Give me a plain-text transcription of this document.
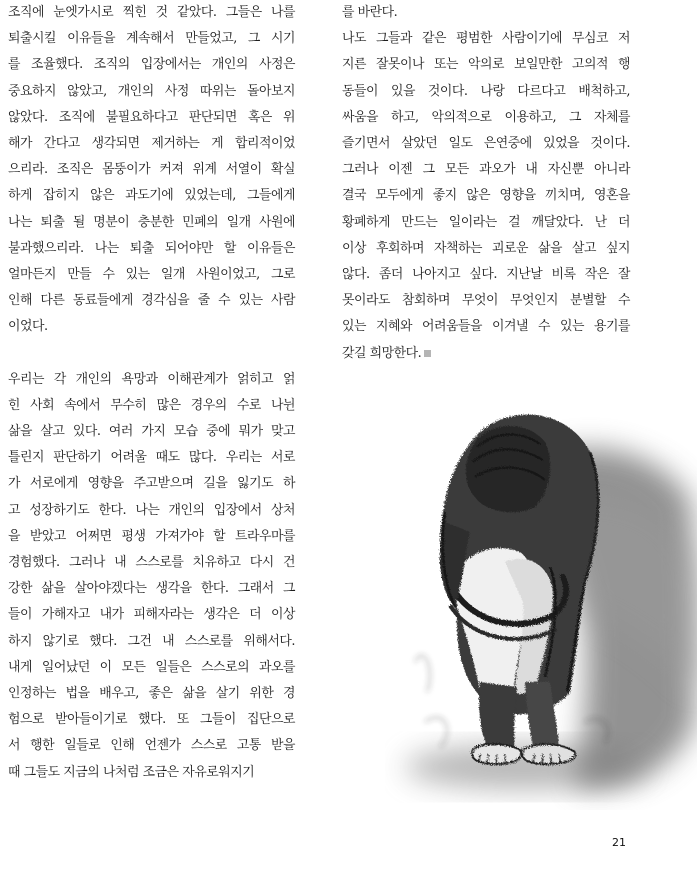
조직에 눈엣가시로 찍힌 것 같았다. 그들은 나를

퇴출시킬 이유들을 계속해서 만들었고, 그 시기

를 조율했다. 조직의 입장에서는 개인의 사정은

중요하지 않았고, 개인의 사정 따위는 돌아보지

않았다. 조직에 불필요하다고 판단되면 혹은 위

해가 간다고 생각되면 제거하는 게 합리적이었

으리라. 조직은 몸뚱이가 커져 위계 서열이 확실

하게 잡히지 않은 과도기에 있었는데, 그들에게

나는 퇴출 될 명분이 충분한 민폐의 일개 사원에

불과했으리라. 나는 퇴출 되어야만 할 이유들은

얼마든지 만들 수 있는 일개 사원이었고, 그로

인해 다른 동료들에게 경각심을 줄 수 있는 사람

이었다.

우리는 각 개인의 욕망과 이해관계가 얽히고 얽

힌 사회 속에서 무수히 많은 경우의 수로 나뉜

삶을 살고 있다. 여러 가지 모습 중에 뭐가 맞고

틀린지 판단하기 어려울 때도 많다. 우리는 서로

가 서로에게 영향을 주고받으며 길을 잃기도 하

고 성장하기도 한다. 나는 개인의 입장에서 상처

을 받았고 어쩌면 평생 가져가야 할 트라우마를

경험했다. 그러나 내 스스로를 치유하고 다시 건

강한 삶을 살아야겠다는 생각을 한다. 그래서 그

들이 가해자고 내가 피해자라는 생각은 더 이상

하지 않기로 했다. 그건 내 스스로를 위해서다.

내게 일어났던 이 모든 일들은 스스로의 과오를

인정하는 법을 배우고, 좋은 삶을 살기 위한 경

험으로 받아들이기로 했다. 또 그들이 집단으로

서 행한 일들로 인해 언젠가 스스로 고통 받을

때 그들도 지금의 나처럼 조금은 자유로워지기

를 바란다.

나도 그들과 같은 평범한 사람이기에 무심코 저

지른 잘못이나 또는 악의로 보일만한 고의적 행

동들이 있을 것이다. 나랑 다르다고 배척하고,

싸움을 하고, 악의적으로 이용하고, 그 자체를

즐기면서 살았던 일도 은연중에 있었을 것이다.

그러나 이젠 그 모든 과오가 내 자신뿐 아니라

결국 모두에게 좋지 않은 영향을 끼치며, 영혼을

황폐하게 만드는 일이라는 걸 깨달았다. 난 더

이상 후회하며 자책하는 괴로운 삶을 살고 싶지

않다. 좀더 나아지고 싶다. 지난날 비록 작은 잘

못이라도 참회하며 무엇이 무엇인지 분별할 수

있는 지혜와 어려움들을 이겨낼 수 있는 용기를

갖길 희망한다.

21
